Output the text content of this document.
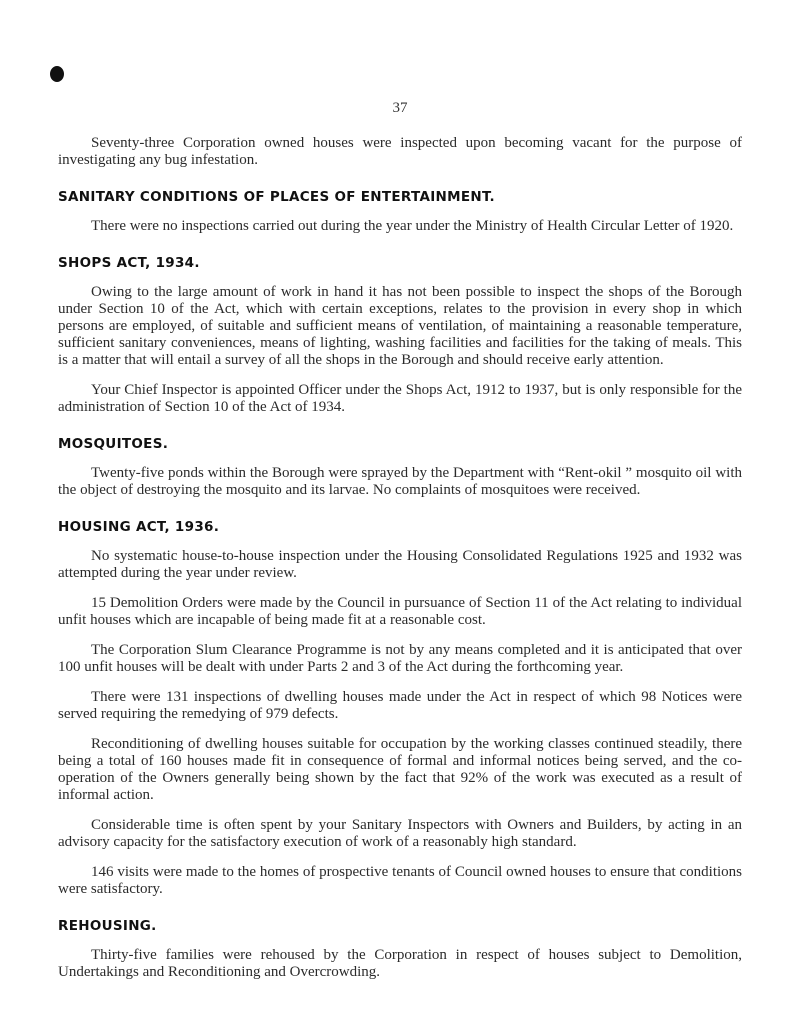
37

Seventy-three Corporation owned houses were inspected upon becoming vacant for the purpose of investigating any bug infestation.

SANITARY CONDITIONS OF PLACES OF ENTERTAINMENT.

There were no inspections carried out during the year under the Ministry of Health Circular Letter of 1920.

SHOPS ACT, 1934.

Owing to the large amount of work in hand it has not been possible to inspect the shops of the Borough under Section 10 of the Act, which with certain exceptions, relates to the provision in every shop in which persons are employed, of suitable and sufficient means of ventilation, of maintaining a reasonable temperature, sufficient sanitary conveniences, means of lighting, washing facilities and facilities for the taking of meals. This is a matter that will entail a survey of all the shops in the Borough and should receive early attention.

Your Chief Inspector is appointed Officer under the Shops Act, 1912 to 1937, but is only responsible for the administration of Section 10 of the Act of 1934.

MOSQUITOES.

Twenty-five ponds within the Borough were sprayed by the Department with “Rent-okil ” mosquito oil with the object of destroying the mosquito and its larvae. No complaints of mosquitoes were received.

HOUSING ACT, 1936.

No systematic house-to-house inspection under the Housing Consolidated Regulations 1925 and 1932 was attempted during the year under review.

15 Demolition Orders were made by the Council in pursuance of Section 11 of the Act relating to individual unfit houses which are incapable of being made fit at a reasonable cost.

The Corporation Slum Clearance Programme is not by any means completed and it is anticipated that over 100 unfit houses will be dealt with under Parts 2 and 3 of the Act during the forthcoming year.

There were 131 inspections of dwelling houses made under the Act in respect of which 98 Notices were served requiring the remedying of 979 defects.

Reconditioning of dwelling houses suitable for occupation by the working classes continued steadily, there being a total of 160 houses made fit in consequence of formal and informal notices being served, and the co-operation of the Owners generally being shown by the fact that 92% of the work was executed as a result of informal action.

Considerable time is often spent by your Sanitary Inspectors with Owners and Builders, by acting in an advisory capacity for the satisfactory execution of work of a reasonably high standard.

146 visits were made to the homes of prospective tenants of Council owned houses to ensure that conditions were satisfactory.

REHOUSING.

Thirty-five families were rehoused by the Corporation in respect of houses subject to Demolition, Undertakings and Reconditioning and Overcrowding.
